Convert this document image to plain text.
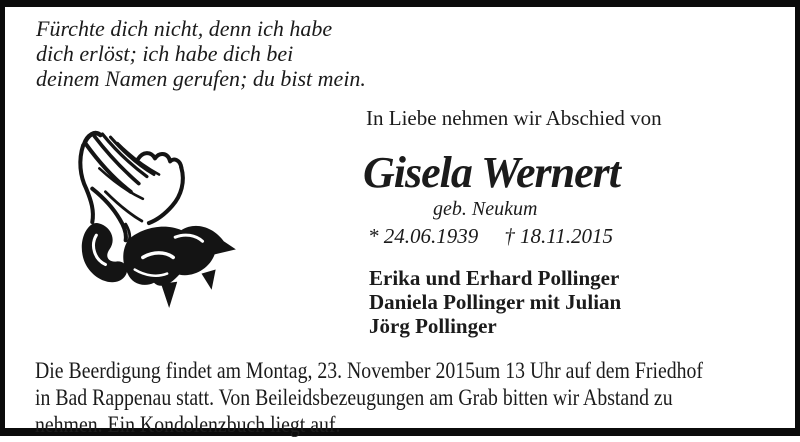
Fürchte dich nicht, denn ich habe
dich erlöst; ich habe dich bei
deinem Namen gerufen; du bist mein.
In Liebe nehmen wir Abschied von
Gisela Wernert
geb. Neukum
* 24.06.1939 † 18.11.2015
Erika und Erhard Pollinger
Daniela Pollinger mit Julian
Jörg Pollinger
Die Beerdigung findet am Montag, 23. November 2015um 13 Uhr auf dem Friedhof
in Bad Rappenau statt. Von Beileidsbezeugungen am Grab bitten wir Abstand zu
nehmen. Ein Kondolenzbuch liegt auf.
